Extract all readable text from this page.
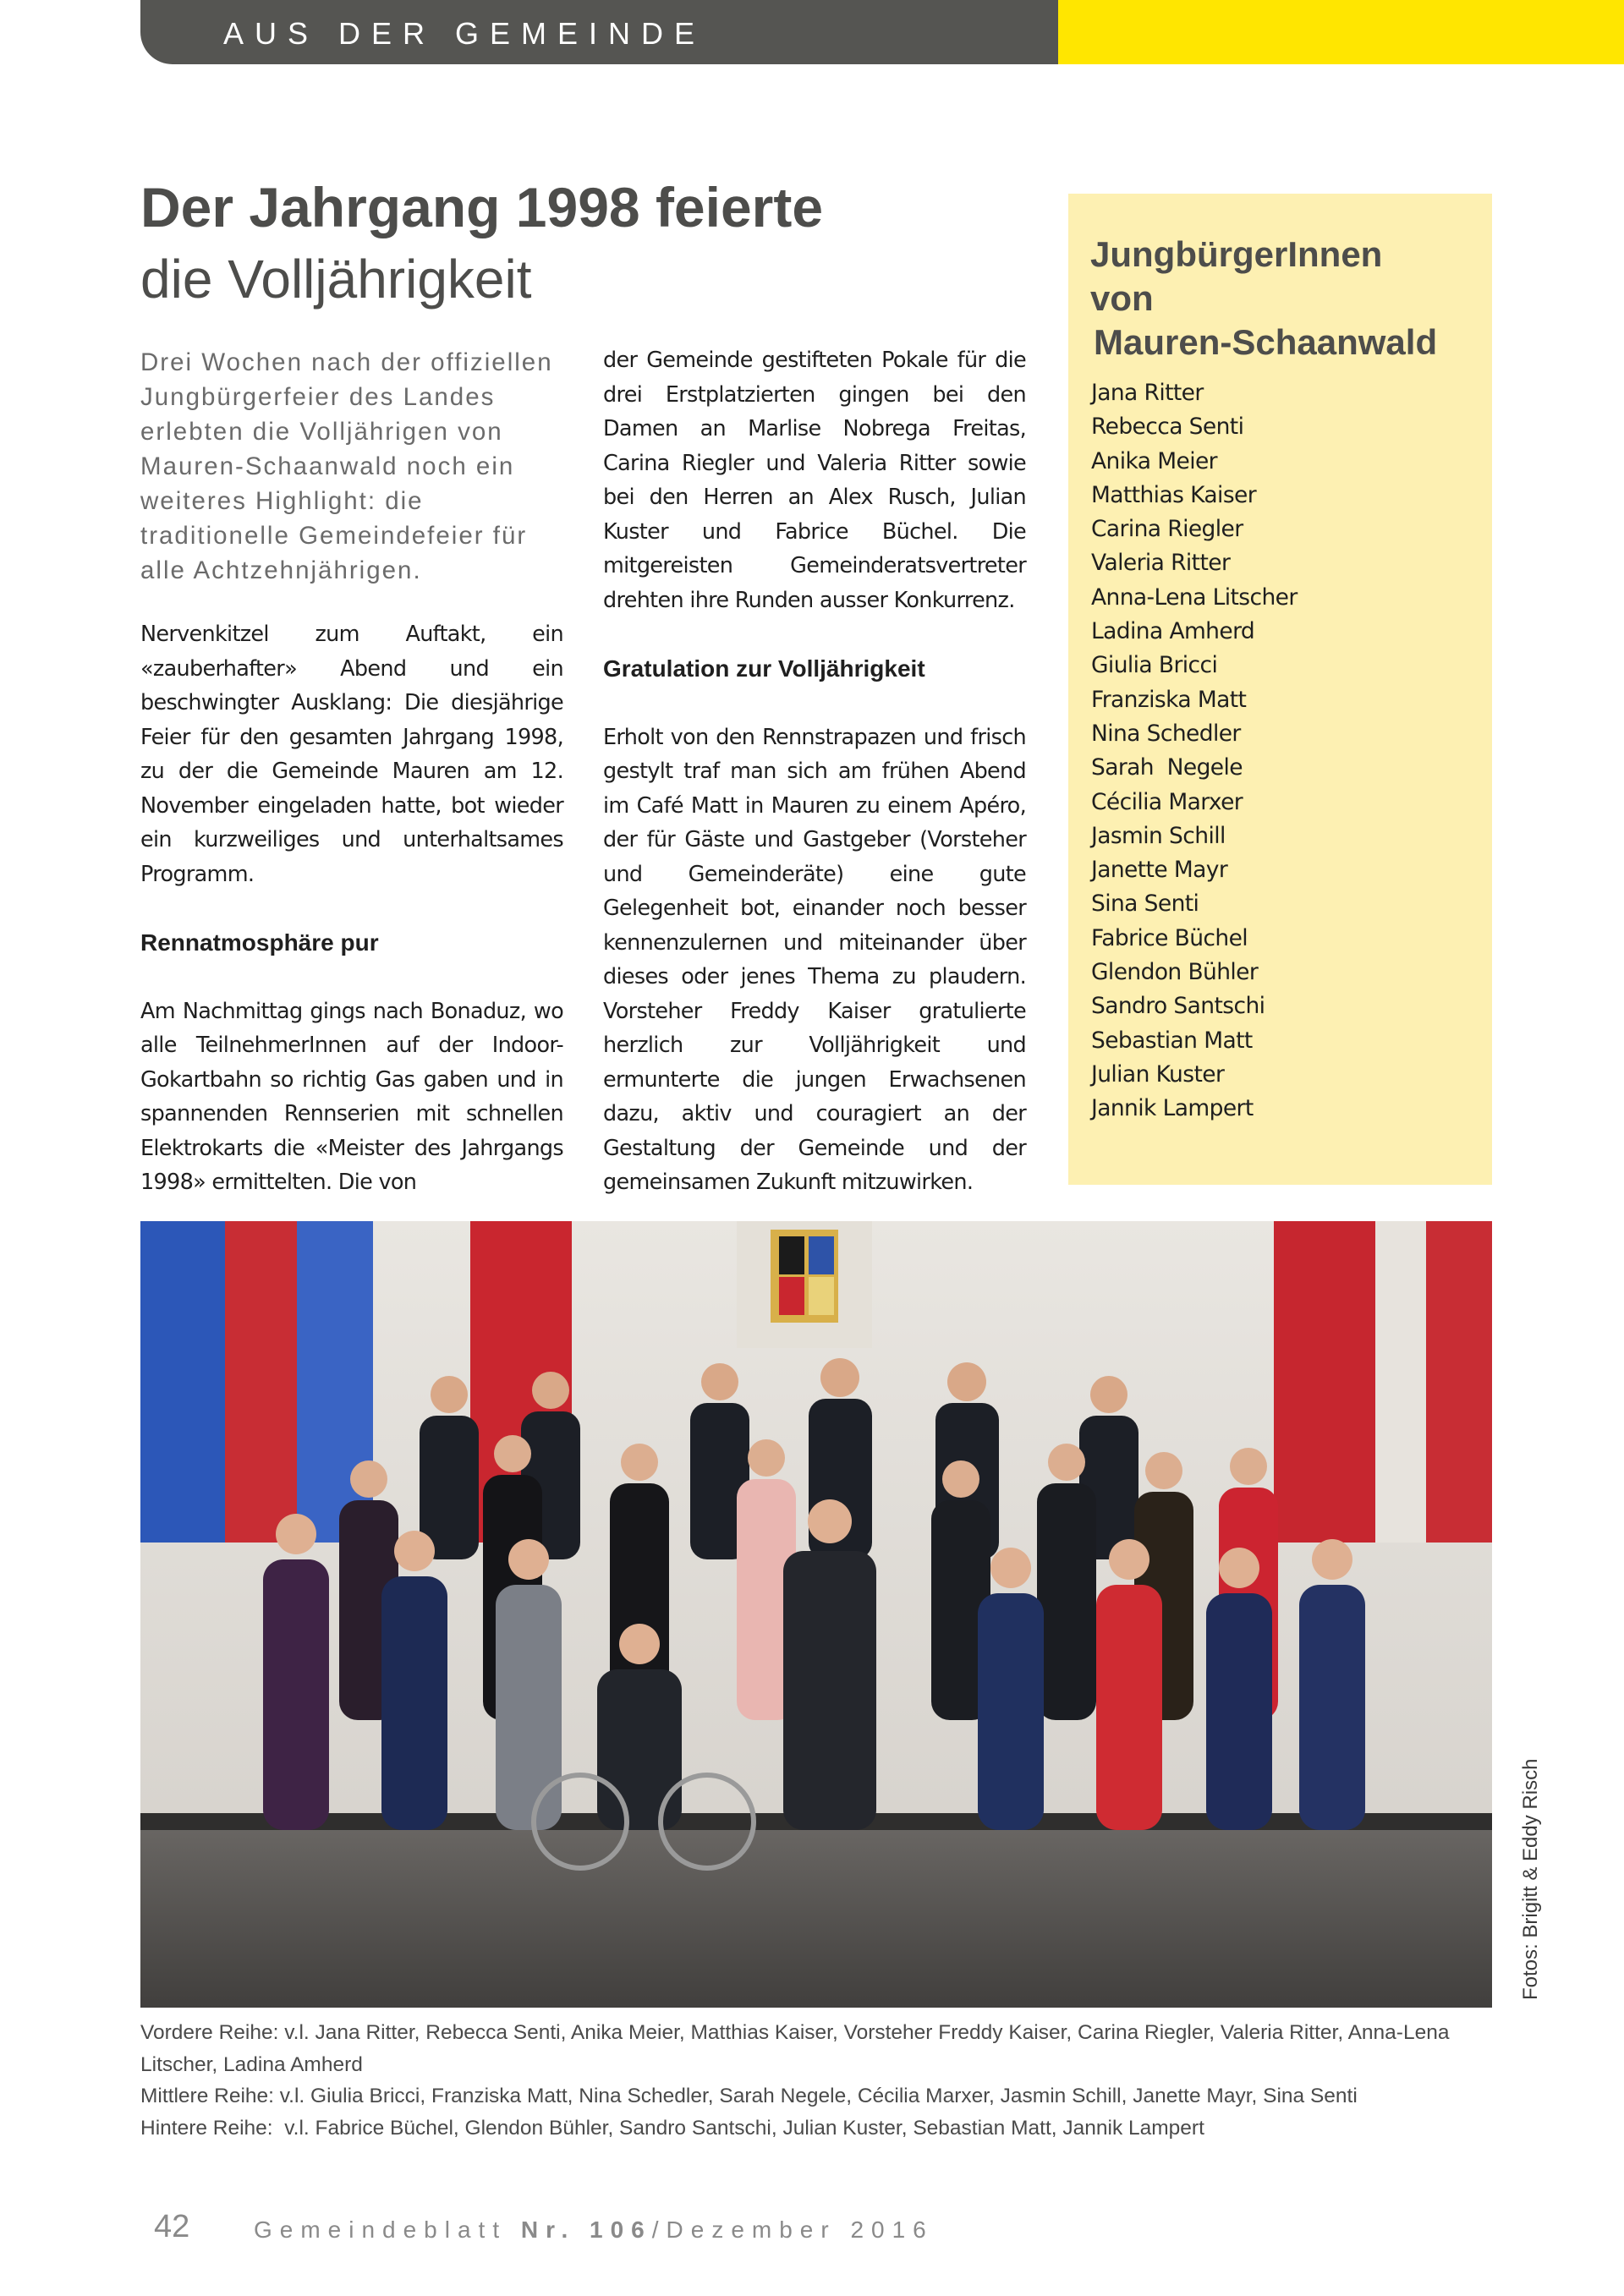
AUS DER GEMEINDE
Der Jahrgang 1998 feierte
die Volljährigkeit

Drei Wochen nach der offiziellen Jungbürgerfeier des Landes erlebten die Volljährigen von Mauren-Schaanwald noch ein weiteres Highlight: die traditionelle Gemeindefeier für alle Achtzehnjährigen.

Nervenkitzel zum Auftakt, ein «zauberhafter» Abend und ein beschwingter Ausklang: Die diesjährige Feier für den gesamten Jahrgang 1998, zu der die Gemeinde Mauren am 12. November eingeladen hatte, bot wieder ein kurzweiliges und unterhaltsames Programm.

Rennatmosphäre pur

Am Nachmittag gings nach Bonaduz, wo alle TeilnehmerInnen auf der Indoor-Gokartbahn so richtig Gas gaben und in spannenden Rennserien mit schnellen Elektrokarts die «Meister des Jahrgangs 1998» ermittelten. Die von

der Gemeinde gestifteten Pokale für die drei Erstplatzierten gingen bei den Damen an Marlise Nobrega Freitas, Carina Riegler und Valeria Ritter sowie bei den Herren an Alex Rusch, Julian Kuster und Fabrice Büchel. Die mitgereisten Gemeinderatsvertreter drehten ihre Runden ausser Konkurrenz.

Gratulation zur Volljährigkeit

Erholt von den Rennstrapazen und frisch gestylt traf man sich am frühen Abend im Café Matt in Mauren zu einem Apéro, der für Gäste und Gastgeber (Vorsteher und Gemeinderäte) eine gute Gelegenheit bot, einander noch besser kennenzulernen und miteinander über dieses oder jenes Thema zu plaudern. Vorsteher Freddy Kaiser gratulierte herzlich zur Volljährigkeit und ermunterte die jungen Erwachsenen dazu, aktiv und couragiert an der Gestaltung der Gemeinde und der gemeinsamen Zukunft mitzuwirken.

JungbürgerInnen
von
Mauren-Schaanwald
Jana Ritter
Rebecca Senti
Anika Meier
Matthias Kaiser
Carina Riegler
Valeria Ritter
Anna-Lena Litscher
Ladina Amherd
Giulia Bricci
Franziska Matt
Nina Schedler
Sarah  Negele
Cécilia Marxer
Jasmin Schill
Janette Mayr
Sina Senti
Fabrice Büchel
Glendon Bühler
Sandro Santschi
Sebastian Matt
Julian Kuster
Jannik Lampert
Fotos: Brigitt & Eddy Risch
Vordere Reihe: v.l. Jana Ritter, Rebecca Senti, Anika Meier, Matthias Kaiser, Vorsteher Freddy Kaiser, Carina Riegler, Valeria Ritter, Anna-Lena Litscher, Ladina Amherd
Mittlere Reihe: v.l. Giulia Bricci, Franziska Matt, Nina Schedler, Sarah Negele, Cécilia Marxer, Jasmin Schill, Janette Mayr, Sina Senti
Hintere Reihe:  v.l. Fabrice Büchel, Glendon Bühler, Sandro Santschi, Julian Kuster, Sebastian Matt, Jannik Lampert
42	Gemeindeblatt Nr. 106/Dezember 2016
